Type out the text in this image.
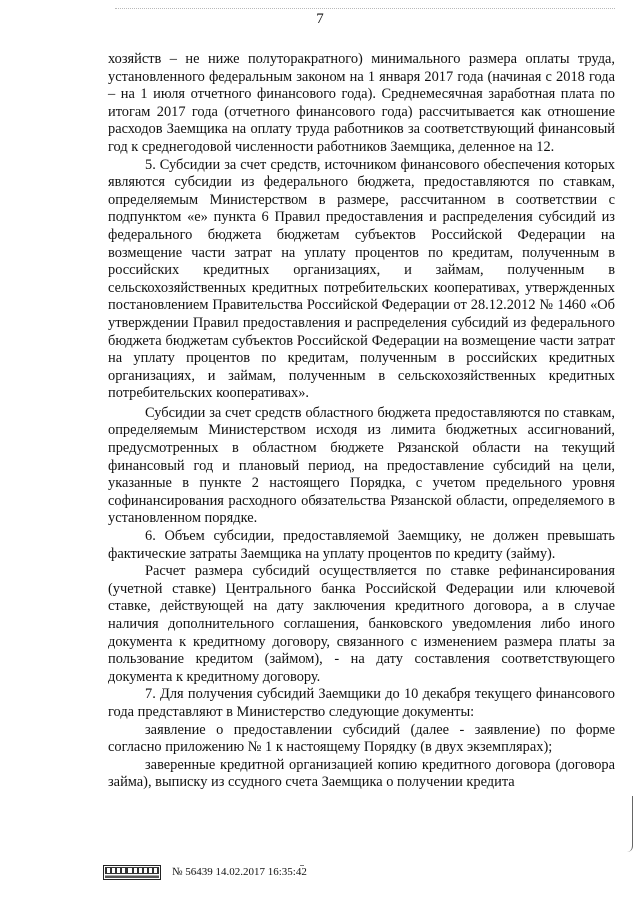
7

хозяйств – не ниже полуторакратного) минимального размера оплаты труда, установленного федеральным законом на 1 января 2017 года (начиная с 2018 года – на 1 июля отчетного финансового года). Среднемесячная заработная плата по итогам 2017 года (отчетного финансового года) рассчитывается как отношение расходов Заемщика на оплату труда работников за соответствующий финансовый год к среднегодовой численности работников Заемщика, деленное на 12.

5. Субсидии за счет средств, источником финансового обеспечения которых являются субсидии из федерального бюджета, предоставляются по ставкам, определяемым Министерством в размере, рассчитанном в соответствии с подпунктом «е» пункта 6 Правил предоставления и распределения субсидий из федерального бюджета бюджетам субъектов Российской Федерации на возмещение части затрат на уплату процентов по кредитам, полученным в российских кредитных организациях, и займам, полученным в сельскохозяйственных кредитных потребительских кооперативах, утвержденных постановлением Правительства Российской Федерации от 28.12.2012 № 1460 «Об утверждении Правил предоставления и распределения субсидий из федерального бюджета бюджетам субъектов Российской Федерации на возмещение части затрат на уплату процентов по кредитам, полученным в российских кредитных организациях, и займам, полученным в сельскохозяйственных кредитных потребительских кооперативах».

Субсидии за счет средств областного бюджета предоставляются по ставкам, определяемым Министерством исходя из лимита бюджетных ассигнований, предусмотренных в областном бюджете Рязанской области на текущий финансовый год и плановый период, на предоставление субсидий на цели, указанные в пункте 2 настоящего Порядка, с учетом предельного уровня софинансирования расходного обязательства Рязанской области, определяемого в установленном порядке.

6. Объем субсидии, предоставляемой Заемщику, не должен превышать фактические затраты Заемщика на уплату процентов по кредиту (займу).

Расчет размера субсидий осуществляется по ставке рефинансирования (учетной ставке) Центрального банка Российской Федерации или ключевой ставке, действующей на дату заключения кредитного договора, а в случае наличия дополнительного соглашения, банковского уведомления либо иного документа к кредитному договору, связанного с изменением размера платы за пользование кредитом (займом), - на дату составления соответствующего документа к кредитному договору.

7. Для получения субсидий Заемщики до 10 декабря текущего финансового года представляют в Министерство следующие документы:

заявление о предоставлении субсидий (далее - заявление) по форме согласно приложению № 1 к настоящему Порядку (в двух экземплярах);

заверенные кредитной организацией копию кредитного договора (договора займа), выписку из ссудного счета Заемщика о получении кредита

№ 56439 14.02.2017 16:35:42
